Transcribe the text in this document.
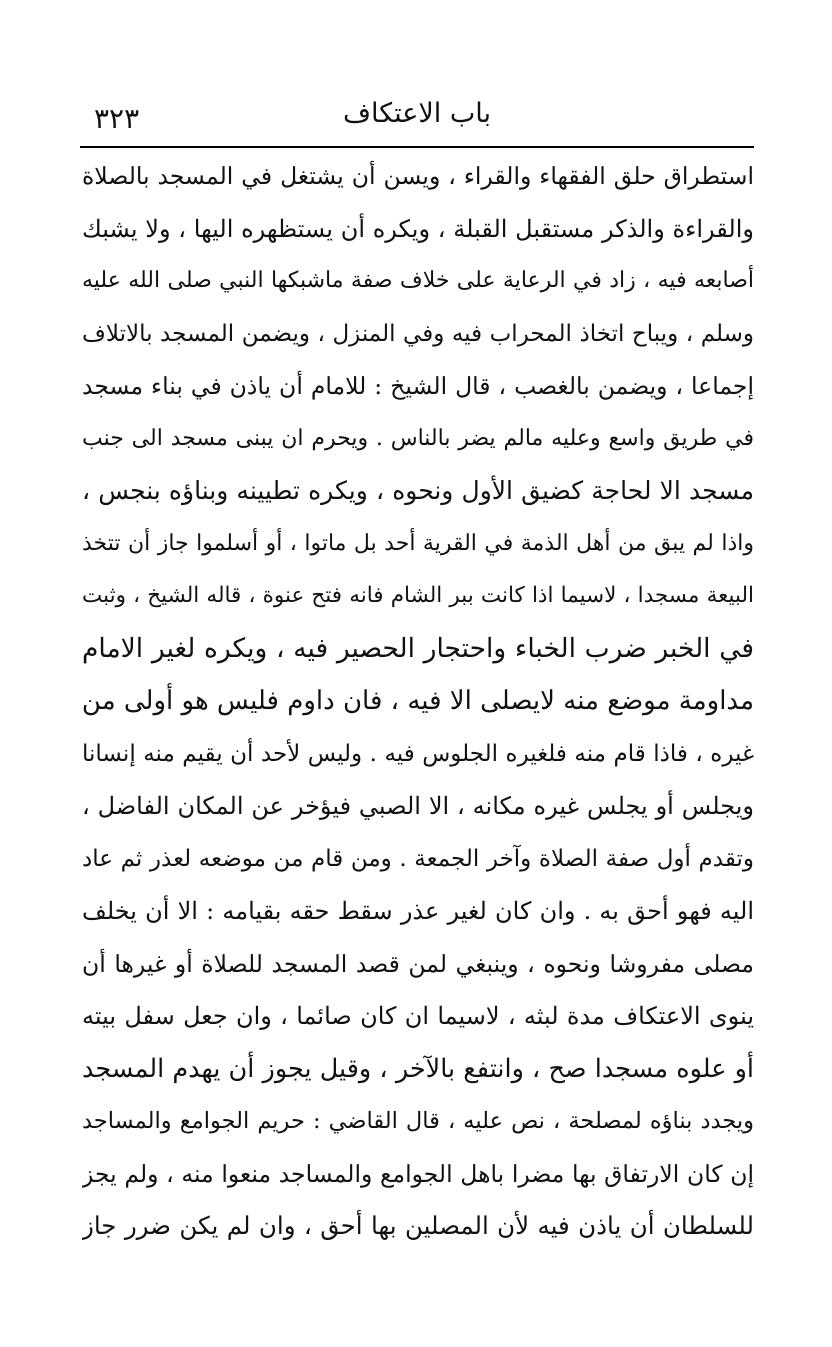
٣٢٣	باب الاعتكاف
استطراق حلق الفقهاء والقراء ، ويسن أن يشتغل في المسجد بالصلاة
والقراءة والذكر مستقبل القبلة ، ويكره أن يستظهره اليها ، ولا يشبك
أصابعه فيه ، زاد في الرعاية على خلاف صفة ماشبكها النبي صلى الله عليه
وسلم ، ويباح اتخاذ المحراب فيه وفي المنزل ، ويضمن المسجد بالاتلاف
إجماعا ، ويضمن بالغصب ، قال الشيخ : للامام أن ياذن في بناء مسجد
في طريق واسع وعليه مالم يضر بالناس . ويحرم ان يبنى مسجد الى جنب
مسجد الا لحاجة كضيق الأول ونحوه ، ويكره تطيينه وبناؤه بنجس ،
واذا لم يبق من أهل الذمة في القرية أحد بل ماتوا ، أو أسلموا جاز أن تتخذ
البيعة مسجدا ، لاسيما اذا كانت ببر الشام فانه فتح عنوة ، قاله الشيخ ، وثبت
في الخبر ضرب الخباء واحتجار الحصير فيه ، ويكره لغير الامام
مداومة موضع منه لايصلى الا فيه ، فان داوم فليس هو أولى من
غيره ، فاذا قام منه فلغيره الجلوس فيه . وليس لأحد أن يقيم منه إنسانا
ويجلس أو يجلس غيره مكانه ، الا الصبي فيؤخر عن المكان الفاضل ،
وتقدم أول صفة الصلاة وآخر الجمعة . ومن قام من موضعه لعذر ثم عاد
اليه فهو أحق به . وان كان لغير عذر سقط حقه بقيامه : الا أن يخلف
مصلى مفروشا ونحوه ، وينبغي لمن قصد المسجد للصلاة أو غيرها أن
ينوى الاعتكاف مدة لبثه ، لاسيما ان كان صائما ، وان جعل سفل بيته
أو علوه مسجدا صح ، وانتفع بالآخر ، وقيل يجوز أن يهدم المسجد
ويجدد بناؤه لمصلحة ، نص عليه ، قال القاضي : حريم الجوامع والمساجد
إن كان الارتفاق بها مضرا باهل الجوامع والمساجد منعوا منه ، ولم يجز
للسلطان أن ياذن فيه لأن المصلين بها أحق ، وان لم يكن ضرر جاز
